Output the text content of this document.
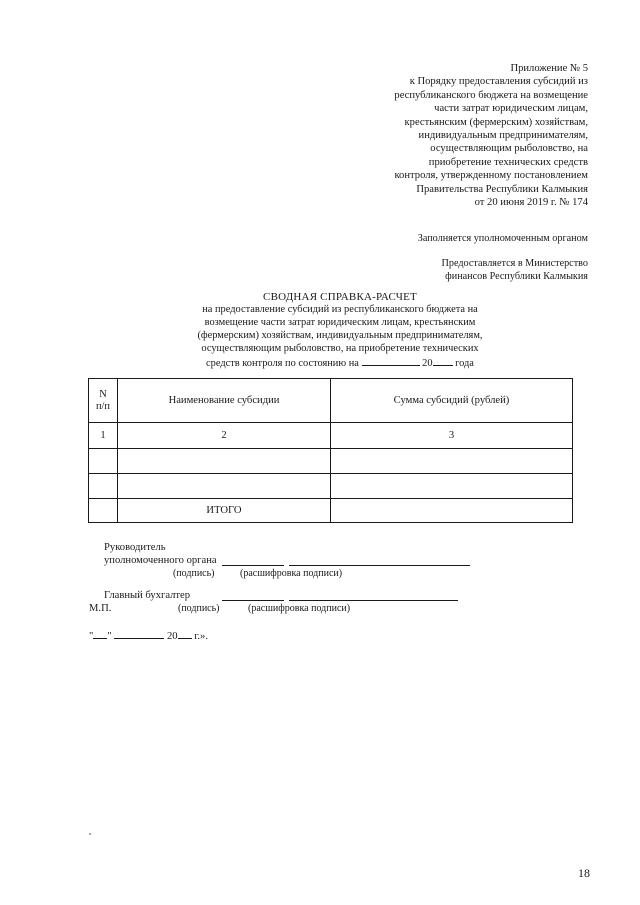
Приложение № 5
к Порядку предоставления субсидий из
республиканского бюджета на возмещение
части затрат юридическим лицам,
крестьянским (фермерским) хозяйствам,
индивидуальным предпринимателям,
осуществляющим рыболовство, на
приобретение технических средств
контроля, утвержденному постановлением
Правительства Республики Калмыкия
от 20 июня 2019 г. № 174
Заполняется уполномоченным органом
Предоставляется в Министерство
финансов Республики Калмыкия
СВОДНАЯ СПРАВКА-РАСЧЕТ
на предоставление субсидий из республиканского бюджета на
возмещение части затрат юридическим лицам, крестьянским
(фермерским) хозяйствам, индивидуальным предпринимателям,
осуществляющим рыболовство, на приобретение технических
средств контроля по состоянию на	20 года
N
п/п	Наименование субсидии	Сумма субсидий (рублей)
1	2	3

	ИТОГО	
Руководитель
уполномоченного органа
(подпись)	(расшифровка подписи)
Главный бухгалтер
М.П.	(подпись)	(расшифровка подписи)
" "	20 г.».
18
